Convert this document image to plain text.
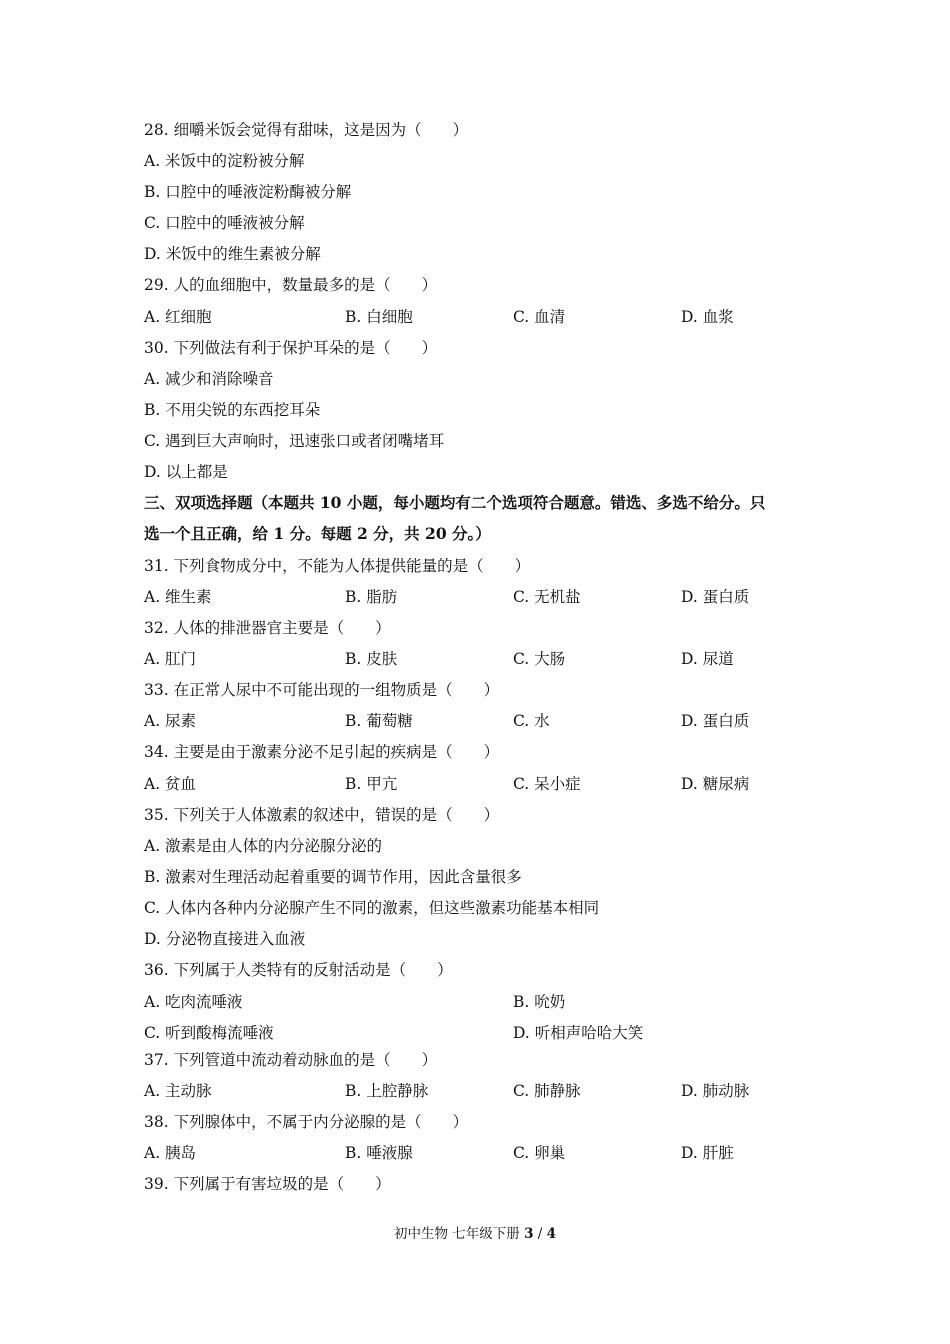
28. 细嚼米饭会觉得有甜味，这是因为（　　）
A. 米饭中的淀粉被分解
B. 口腔中的唾液淀粉酶被分解
C. 口腔中的唾液被分解
D. 米饭中的维生素被分解
29. 人的血细胞中，数量最多的是（　　）
A. 红细胞	B. 白细胞	C. 血清	D. 血浆
30. 下列做法有利于保护耳朵的是（　　）
A. 减少和消除噪音
B. 不用尖锐的东西挖耳朵
C. 遇到巨大声响时，迅速张口或者闭嘴堵耳
D. 以上都是
三、双项选择题（本题共 10 小题，每小题均有二个选项符合题意。错选、多选不给分。只
选一个且正确，给 1 分。每题 2 分，共 20 分。）
31. 下列食物成分中，不能为人体提供能量的是（　　）
A. 维生素	B. 脂肪	C. 无机盐	D. 蛋白质
32. 人体的排泄器官主要是（　　）
A. 肛门	B. 皮肤	C. 大肠	D. 尿道
33. 在正常人尿中不可能出现的一组物质是（　　）
A. 尿素	B. 葡萄糖	C. 水	D. 蛋白质
34. 主要是由于激素分泌不足引起的疾病是（　　）
A. 贫血	B. 甲亢	C. 呆小症	D. 糖尿病
35. 下列关于人体激素的叙述中，错误的是（　　）
A. 激素是由人体的内分泌腺分泌的
B. 激素对生理活动起着重要的调节作用，因此含量很多
C. 人体内各种内分泌腺产生不同的激素，但这些激素功能基本相同
D. 分泌物直接进入血液
36. 下列属于人类特有的反射活动是（　　）
A. 吃肉流唾液	B. 吮奶
C. 听到酸梅流唾液	D. 听相声哈哈大笑
37. 下列管道中流动着动脉血的是（　　）
A. 主动脉	B. 上腔静脉	C. 肺静脉	D. 肺动脉
38. 下列腺体中，不属于内分泌腺的是（　　）
A. 胰岛	B. 唾液腺	C. 卵巢	D. 肝脏
39. 下列属于有害垃圾的是（　　）
初中生物 七年级下册 3 / 4
